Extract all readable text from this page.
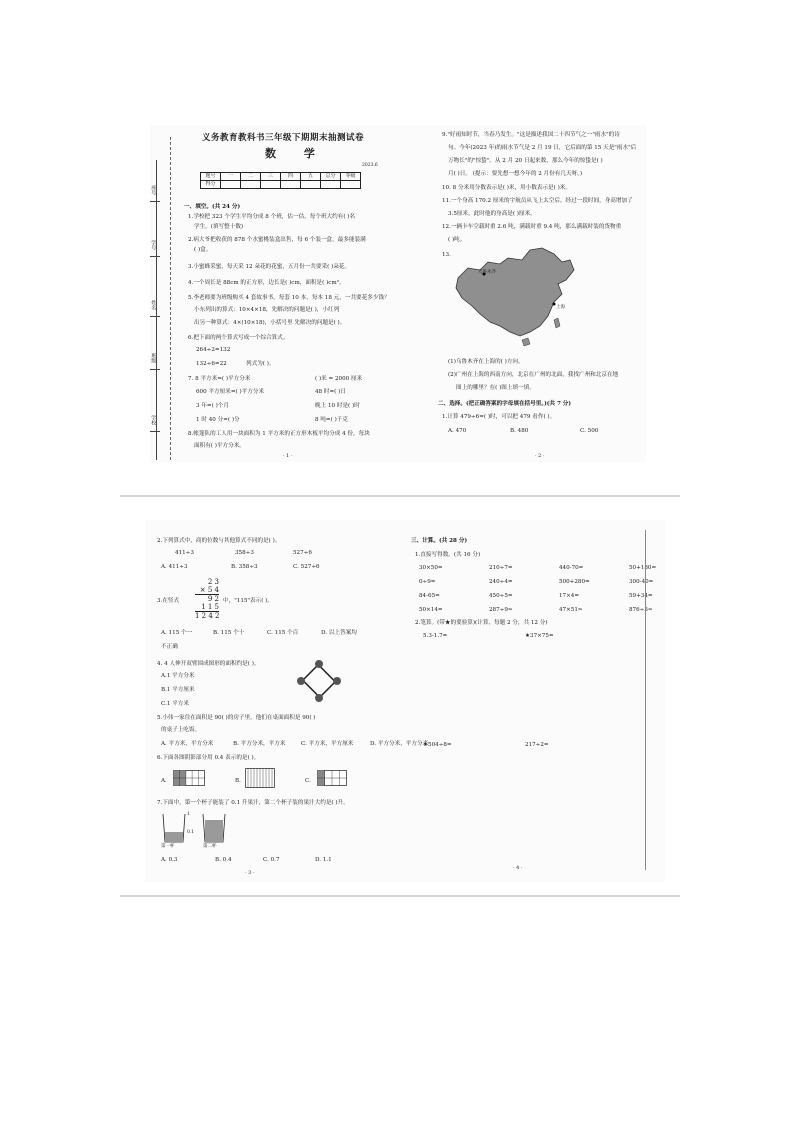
座号
学号
姓名
班级
学校
义务教育教科书三年级下期期末抽测试卷
数 学
2023.6
题号	一	二	三	四	五	总分	等级
得分							
一、填空。(共 24 分)
1.学校把 323 个学生平均分成 8 个班，估一估，每个班大约有( )名
学生。(填写整十数)
2.病大爷把收获的 878 个水蜜桃装盒出售，每 6 个装一盒，最多能装满
( )盒。
3.小蜜蜂采蜜，每天采 12 朵花的花蜜，五月份一共要采( )朵花。
4.一个周长是 88cm 的正方形，边长是( )cm，面积是( )cm²。
5.李老师要为班级购买 4 套故事书，每套 10 本，每本 18 元，一共要花多少钱？
小东列出的算式：10×4×18，先解决的问题是( )，小红列
出另一种算式：4×(10×18)，小括号里 先解决的问题是( )。
6.把下面的两个算式写成一个综合算式。
264÷2=132
132÷6=22	列式为( )。
7. 8 平方米=( )平方分米	( )米 = 2000 厘米
600 平方厘米=( )平方分米	48 时=( )日
3 年=( )个月	晚上 10 时是( )时
1 时 40 分=( )分	8 吨=( )千克
8.帐篷队的工人用一块面积为 1 平方米的正方形木板平均分成 4 份，每块
面积有( )平方分米。
· 1 ·
9."好雨知时节，当春乃发生。"这是描述我国二十四节气之一"雨水"的诗
句。今年(2023 年)的雨水节气是 2 月 19 日，它后面的第 15 天是"雨水"后
万物长"的"惊蛰"。从 2 月 20 日起来数，那么今年的惊蛰是( )
月( )日。 (提示：要先想一想今年的 2 月份有几天呀。)
10. 8 分米用分数表示是( )米，用小数表示是( )米。
11.一个身高 170.2 厘米的宇航员从飞上太空后，经过一段时间，身高增加了
3.5厘米，此时他的身高是( )厘米。
12.一辆卡车空载时重 2.6 吨，满载时重 9.4 吨，那么满载时装的货物重
( )吨。
13.
乌鲁木齐
上海
(1)乌鲁木齐在上海的( )方向。
(2)广州在上海的西南方向，北京在广州的北面，我找广州和北京在地
图上的哪里？在( )图上填一填。
二、选择。(把正确答案的字母填在括号里。)(共 7 分)
1.计算 479÷6=( )时，可以把 479 看作( )。
A. 470	B. 480	C. 500
· 2 ·
2.下列算式中，商的位数与其他算式不同的是( )。
411÷3	358÷3	527÷6
A. 411÷3	B. 358÷3	C. 527÷6
3.在竖式
2 3
× 5 4
9 2
1 1 5
1 2 4 2
中，"115"表示( )。
A. 115 个一	B. 115 个十	C. 115 个百	D. 以上答案均
不正确
4. 4 人伸开双臂围成图形的面积约是( )。
A.1 平方分米
B.1 平方厘米
C.1 平方米
5.小伟一家住在面积是 90( )的房子里，他们在桌面面积是 90( )
的桌子上吃饭。
A. 平方米，平方分米	B. 平方分米，平方米	C. 平方米，平方厘米	D. 平方分米，平方分米
6.下面各图阴影部分用 0.4 表示的是( )。
A.	B.	C.
7.下面中，第一个杯子能装了 0.1 升果汁，第二个杯子装的果汁大约是( )升。
1
0.1
第一杯	第二杯
A. 0.3	B. 0.4	C. 0.7	D. 1.1
· 3 ·
三、计算。(共 28 分)
1.直接写得数。(共 16 分)
30×50=	210÷7=	440-70=	50+180=
0÷9=	240÷4=	500+280=	300-40=
84-65=	450÷5=	17×4=	59+34=
50×14=	287÷9≈	47×51≈	876÷3≈
2.笔算。(带★的要验算)(计算，每题 2 分，共 12 分)
5.3-1.7=	★37×75=
★504÷8=	217÷2=
· 4 ·
